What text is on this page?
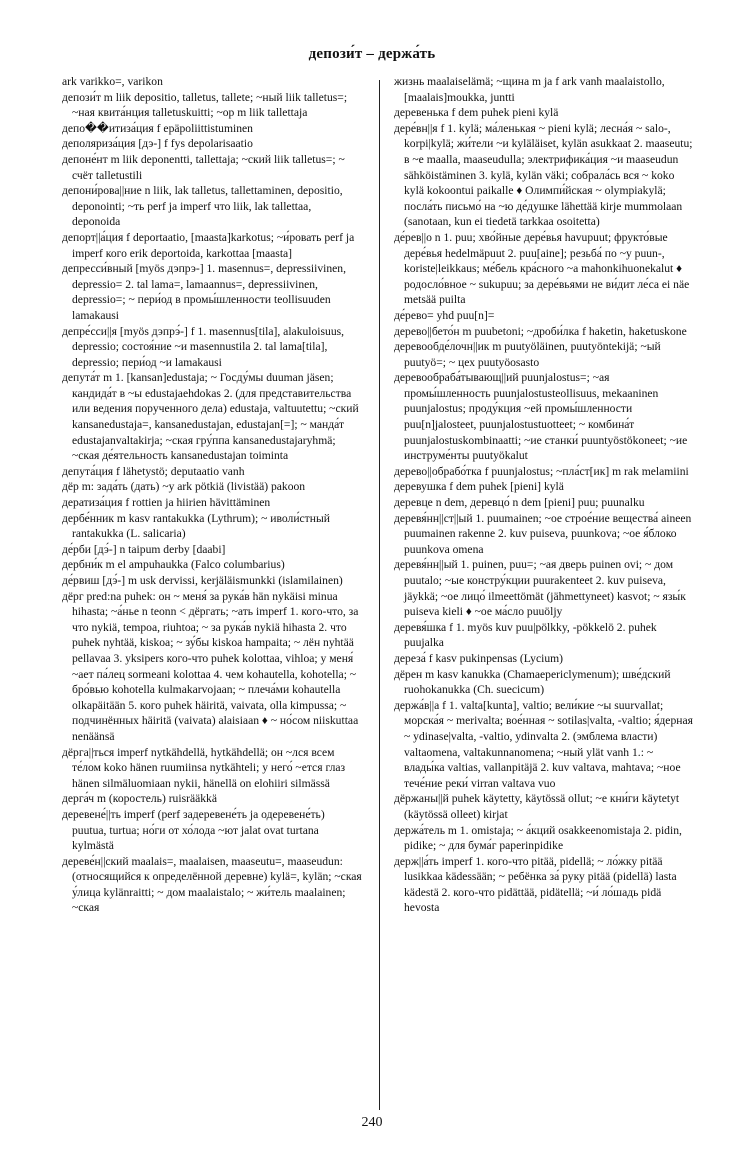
депози́т – держа́ть

ark varikko=, varikon

депози́т m liik depositio, talletus, tallete; ~ный liik talletus=; ~ная квита́нция talletuskuitti; ~ор m liik tallettaja

депо��итиза́ция f epäpoliittistuminen

деполяриза́ция [дэ-] f fys depolarisaatio

депоне́нт m liik deponentti, tallettaja; ~ский liik talletus=; ~ счёт talletustili

депони́рова||ние n liik, lak talletus, tallettaminen, depositio, deponointi; ~ть perf ja imperf что liik, lak tallettaa, deponoida

депорт||а́ция f deportaatio, [maasta]karkotus; ~и́ровать perf ja imperf кого erik deportoida, karkottaa [maasta]

депресси́вный [myös дэпрэ-] 1. masennus=, depressiivinen, depressio= 2. tal lama=, lamaannus=, depressiivinen, depressio=; ~ пери́од в промы́шленности teollisuuden lamakausi

депре́сси||я [myös дэпрэ́-] f 1. masennus[tila], alakuloisuus, depressio; состоя́ние ~и masennustila 2. tal lama[tila], depressio; пери́од ~и lamakausi

депута́т m 1. [kansan]edustaja; ~ Госду́мы duuman jäsen; кандида́т в ~ы edustajaehdokas 2. (для представительства или ведения порученного дела) edustaja, valtuutettu; ~ский kansanedustaja=, kansanedustajan, edustajan[=]; ~ манда́т edustajanvaltakirja; ~ская гру́ппа kansanedustajaryhmä; ~ская де́ятельность kansanedustajan toiminta

депута́ция f lähetystö; deputaatio vanh

дёр m: зада́ть (дать) ~у ark pötkiä (livistää) pakoon

дератиза́ция f rottien ja hiirien hävittäminen

дербе́нник m kasv rantakukka (Lythrum); ~ иволи́стный rantakukka (L. salicaria)

де́рби [дэ́-] n taipum derby [daabi]

дербни́к m el ampuhaukka (Falco columbarius)

де́рвиш [дэ́-] m usk dervissi, kerjäläismunkki (islamilainen)

дёрг pred:na puhek: он ~ меня́ за рука́в hän nykäisi minua hihasta; ~а́нье n teonn < дёргать; ~ать imperf 1. кого-что, за что nykiä, tempoa, riuhtoa; ~ за рука́в nykiä hihasta 2. что puhek nyhtää, kiskoa; ~ зу́бы kiskoa hampaita; ~ лён nyhtää pellavaa 3. yksipers кого-что puhek kolottaa, vihloa; у меня́ ~ает па́лец sormeani kolottaa 4. чем kohautella, kohotella; ~ бро́вью kohotella kulmakarvojaan; ~ плеча́ми kohautella olkapäitään 5. кого puhek häiritä, vaivata, olla kimpussa; ~ подчинённых häiritä (vaivata) alaisiaan ♦ ~ но́сом niiskuttaa nenäänsä

дёрга||ться imperf nytkähdellä, hytkähdellä; он ~лся всем те́лом koko hänen ruumiinsa nytkähteli; у него́ ~ется глаз hänen silmäluomiaan nykii, hänellä on elohiiri silmässä

дерга́ч m (коростель) ruisrääkkä

деревене́||ть imperf (perf задеревене́ть ja одеревене́ть) puutua, turtua; но́ги от хо́лода ~ют jalat ovat turtana kylmästä

дереве́н||ский maalais=, maalaisen, maaseutu=, maaseudun: (относящийся к определённой деревне) kylä=, kylän; ~ская у́лица kylänraitti; ~ дом maalaistalo; ~ жи́тель maalainen; ~ская

жизнь maalaiselämä; ~щина m ja f ark vanh maalaistollo, [maalais]moukka, juntti

деревенька f dem puhek pieni kylä

дере́вн||я f 1. kylä; ма́ленькая ~ pieni kylä; лесна́я ~ salo-, korpi|kylä; жи́тели ~и kyläläiset, kylän asukkaat 2. maaseutu; в ~е maalla, maaseudulla; электрифика́ция ~и maaseudun sähköistäminen 3. kylä, kylän väki; собрала́сь вся ~ koko kylä kokoontui paikalle ♦ Олимпи́йская ~ olympiakylä; посла́ть письмо́ на ~ю де́душке lähettää kirje mummolaan (sanotaan, kun ei tiedetä tarkkaa osoitetta)

де́рев||о n 1. puu; хво́йные дере́вья havupuut; фрукто́вые дере́вья hedelmäpuut 2. puu[aine]; резьба́ по ~у puun-, koriste|leikkaus; ме́бель кра́сного ~а mahonkihuonekalut ♦ родосло́вное ~ sukupuu; за дере́вьями не ви́дит ле́са ei näe metsää puilta

де́рево= yhd puu[n]=

дерево||бето́н m puubetoni; ~дроби́лка f haketin, haketuskone

деревообде́лочн||ик m puutyöläinen, puutyöntekijä; ~ый puutyö=; ~ цех puutyöosasto

деревообраба́тывающ||ий puunjalostus=; ~ая промы́шленность puunjalostusteollisuus, mekaaninen puunjalostus; проду́кция ~ей промы́шленности puu[n]jalosteet, puunjalostustuotteet; ~ комбина́т puunjalostuskombinaatti; ~ие станки́ puuntyöstökoneet; ~ие инструме́нты puutyökalut

дерево||обрабо́тка f puunjalostus; ~пла́ст[ик] m rak melamiini

деревушка f dem puhek [pieni] kylä

деревце n dem, деревцо́ n dem [pieni] puu; puunalku

деревя́нн||ст||ый 1. puumainen; ~ое строе́ние вещества́ aineen puumainen rakenne 2. kuv puiseva, puunkova; ~ое я́блоко puunkova omena

деревя́нн||ый 1. puinen, puu=; ~ая дверь puinen ovi; ~ дом puutalo; ~ые констру́кции puurakenteet 2. kuv puiseva, jäykkä; ~ое лицо́ ilmeettömät (jähmettyneet) kasvot; ~ язы́к puiseva kieli ♦ ~ое ма́сло puuöljy

деревя́шка f 1. myös kuv puu|pölkky, -pökkelö 2. puhek puujalka

дереза́ f kasv pukinpensas (Lycium)

дёрен m kasv kanukka (Chamaepericlymenum); шве́дский ruohokanukka (Ch. suecicum)

держа́в||а f 1. valta[kunta], valtio; вели́кие ~ы suurvallat; морска́я ~ merivalta; вое́нная ~ sotilas|valta, -valtio; я́дерная ~ ydinase|valta, -valtio, ydinvalta 2. (эмблема власти) valtaomena, valtakunnanomena; ~ный ylät vanh 1.: ~ влады́ка valtias, vallanpitäjä 2. kuv valtava, mahtava; ~ное тече́ние реки́ virran valtava vuo

дёржаны||й puhek käytetty, käytössä ollut; ~е кни́ги käytetyt (käytössä olleet) kirjat

держа́тель m 1. omistaja; ~ а́кций osakkeenomistaja 2. pidin, pidike; ~ для бума́г paperinpidike

держ||а́ть imperf 1. кого-что pitää, pidellä; ~ ло́жку pitää lusikkaa kädessään; ~ ребёнка за́ руку pitää (pidellä) lasta kädestä 2. кого-что pidättää, pidätellä; ~и́ ло́шадь pidä hevosta

240
